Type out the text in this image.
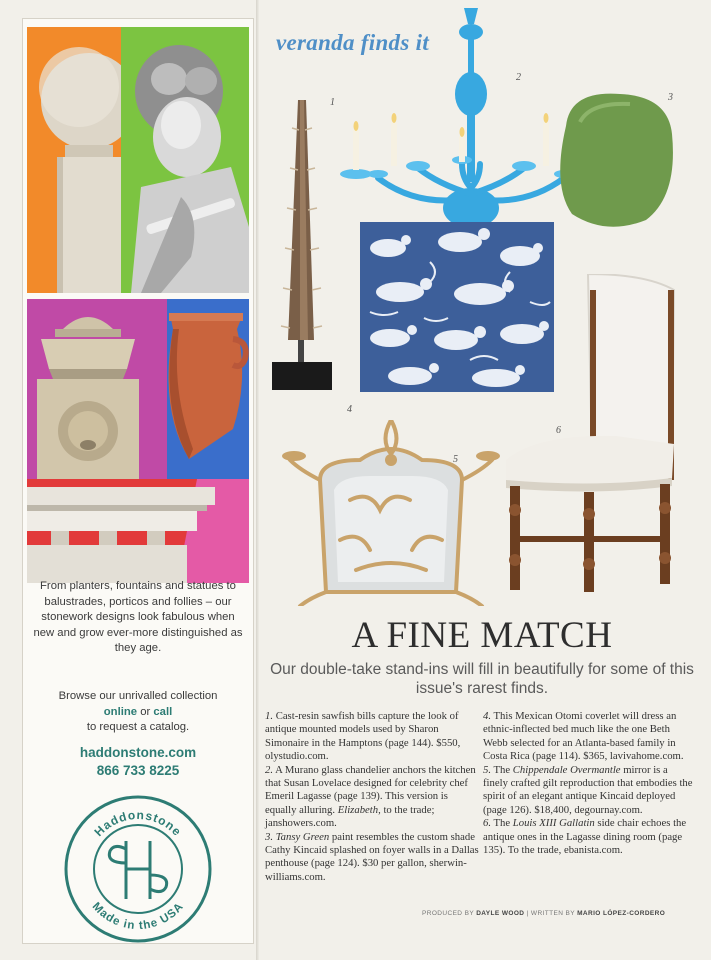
From planters, fountains and statues to balustrades, porticos and follies – our stonework designs look fabulous when new and grow ever-more distinguished as they age.

Browse our unrivalled collection

online or call

to request a catalog.

haddonstone.com
866 733 8225
Haddonstone
Made in the USA
veranda finds it
1
2
3
4
5
6
A FINE MATCH
Our double-take stand-ins will fill in beautifully for some of this issue's rarest finds.

1. Cast-resin sawfish bills capture the look of antique mounted models used by Sharon Simonaire in the Hamptons (page 144). $550, olystudio.com.

2. A Murano glass chandelier anchors the kitchen that Susan Lovelace designed for celebrity chef Emeril Lagasse (page 139). This version is equally alluring. Elizabeth, to the trade; janshowers.com.

3. Tansy Green paint resembles the custom shade Cathy Kincaid splashed on foyer walls in a Dallas penthouse (page 124). $30 per gallon, sherwin-williams.com.

4. This Mexican Otomi coverlet will dress an ethnic-inflected bed much like the one Beth Webb selected for an Atlanta-based family in Costa Rica (page 114). $365, lavivahome.com.

5. The Chippendale Overmantle mirror is a finely crafted gilt reproduction that embodies the spirit of an elegant antique Kincaid deployed (page 126). $18,400, degournay.com.

6. The Louis XIII Gallatin side chair echoes the antique ones in the Lagasse dining room (page 135). To the trade, ebanista.com.

PRODUCED BY DAYLE WOOD | WRITTEN BY MARIO LÓPEZ-CORDERO
